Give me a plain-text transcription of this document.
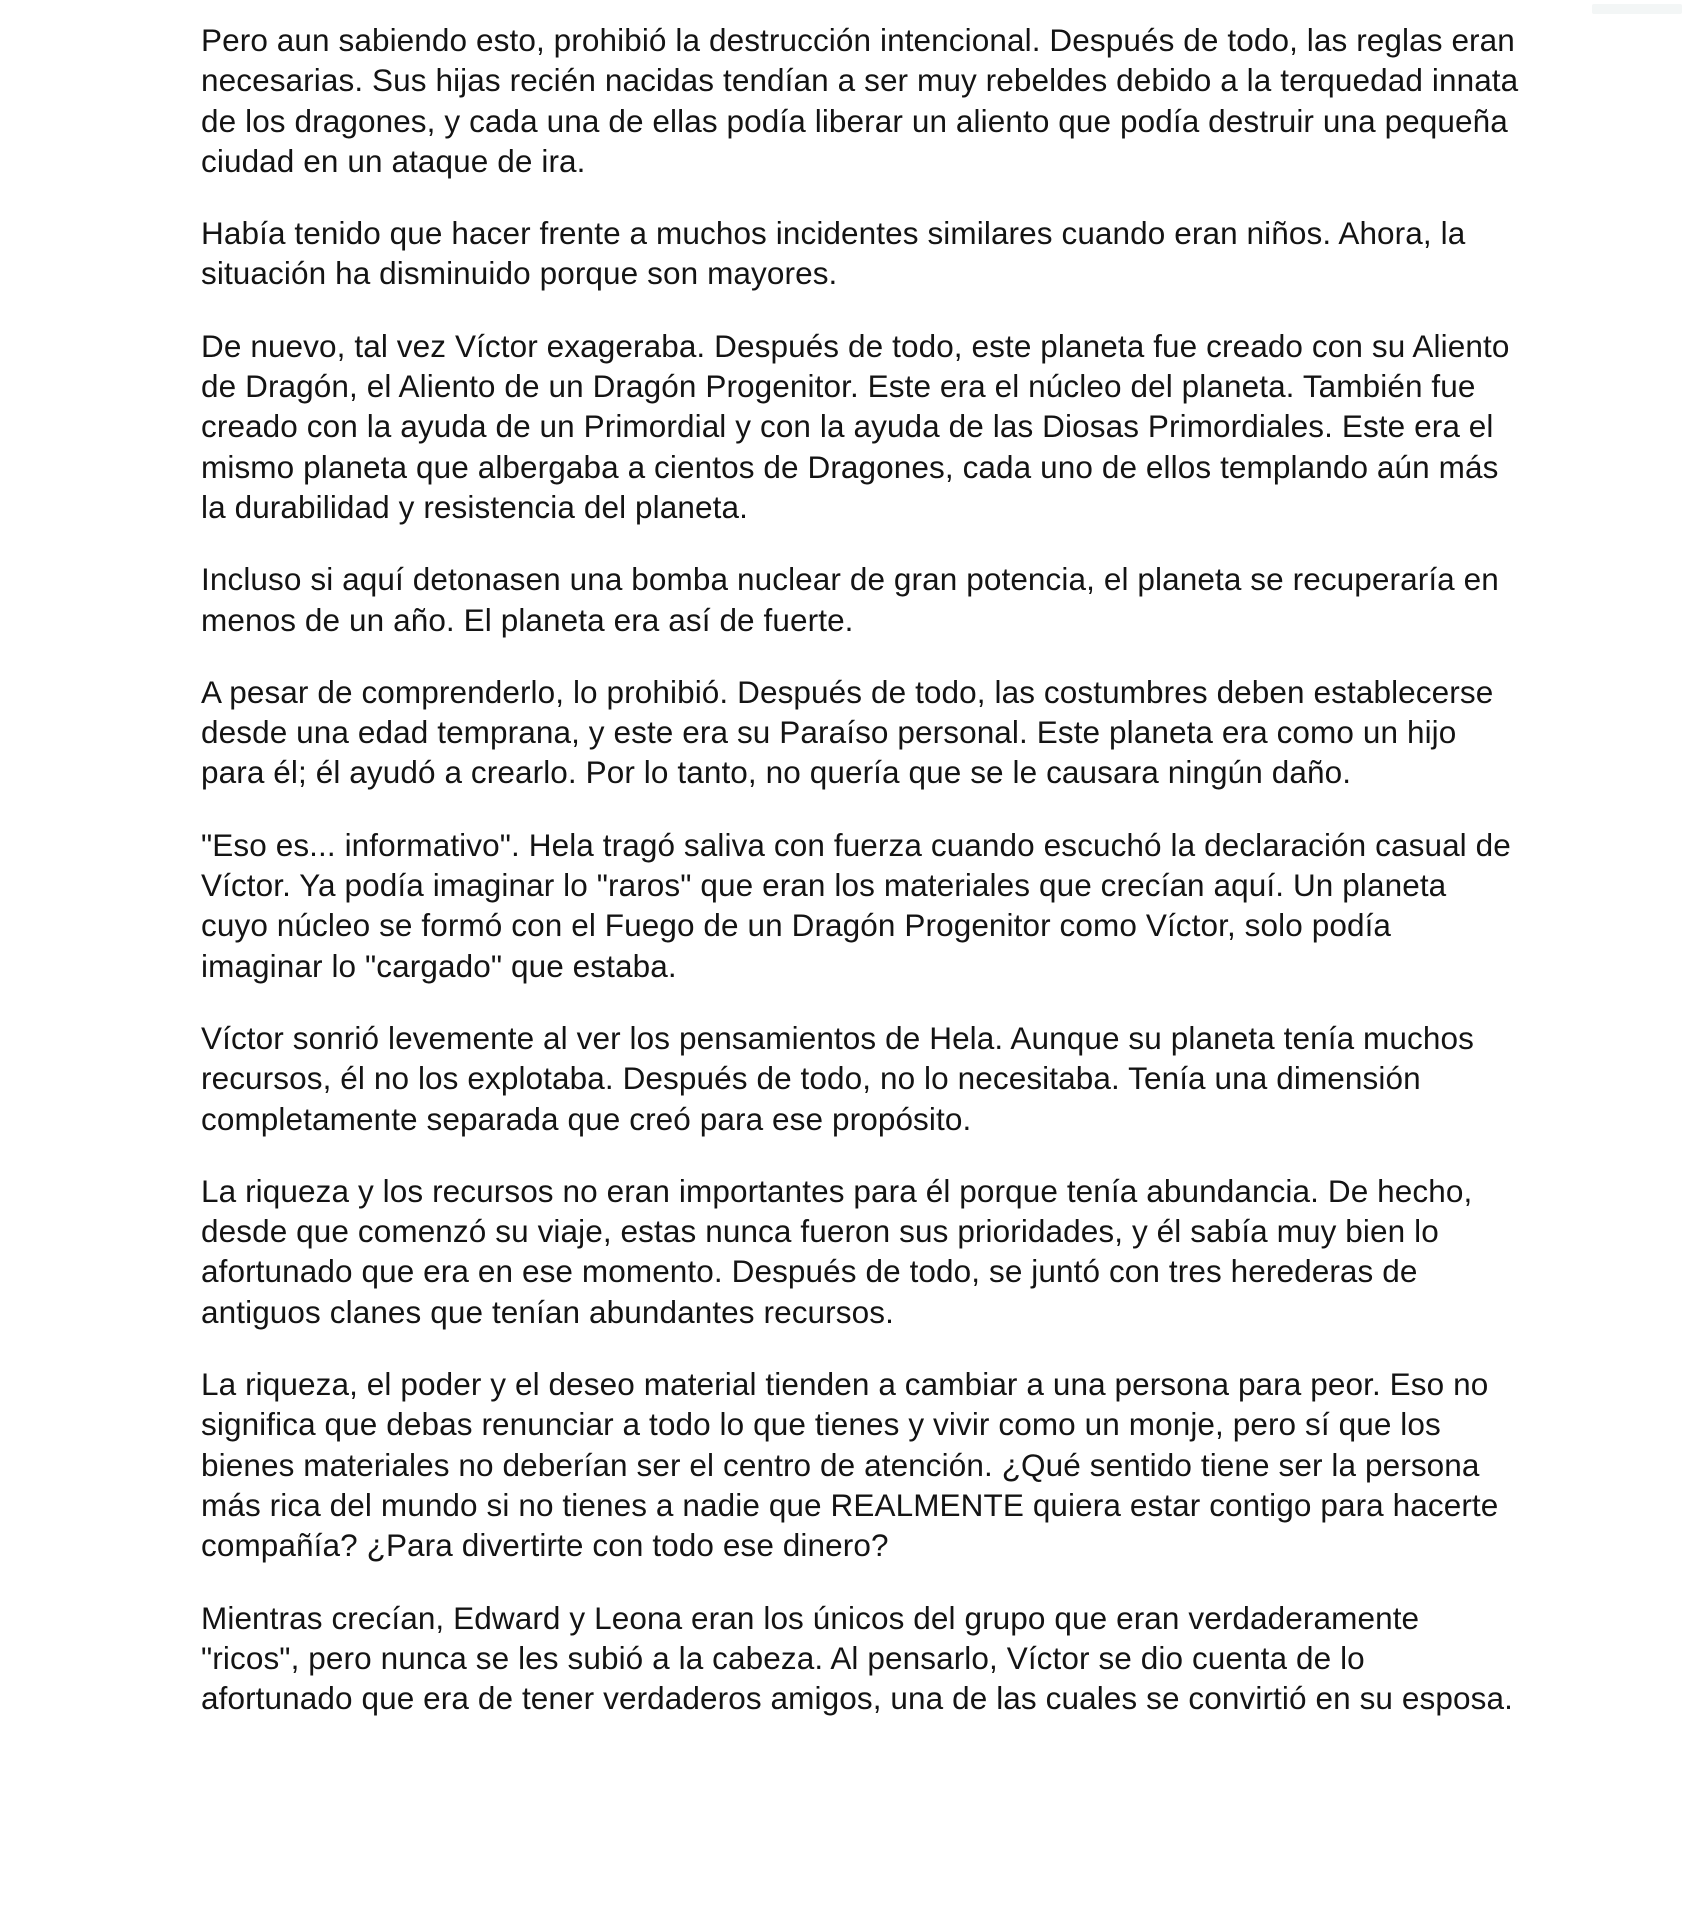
Pero aun sabiendo esto, prohibió la destrucción intencional. Después de todo, las reglas eran necesarias. Sus hijas recién nacidas tendían a ser muy rebeldes debido a la terquedad innata de los dragones, y cada una de ellas podía liberar un aliento que podía destruir una pequeña ciudad en un ataque de ira.

Había tenido que hacer frente a muchos incidentes similares cuando eran niños. Ahora, la situación ha disminuido porque son mayores.

De nuevo, tal vez Víctor exageraba. Después de todo, este planeta fue creado con su Aliento de Dragón, el Aliento de un Dragón Progenitor. Este era el núcleo del planeta. También fue creado con la ayuda de un Primordial y con la ayuda de las Diosas Primordiales. Este era el mismo planeta que albergaba a cientos de Dragones, cada uno de ellos templando aún más la durabilidad y resistencia del planeta.

Incluso si aquí detonasen una bomba nuclear de gran potencia, el planeta se recuperaría en menos de un año. El planeta era así de fuerte.

A pesar de comprenderlo, lo prohibió. Después de todo, las costumbres deben establecerse desde una edad temprana, y este era su Paraíso personal. Este planeta era como un hijo para él; él ayudó a crearlo. Por lo tanto, no quería que se le causara ningún daño.

"Eso es... informativo". Hela tragó saliva con fuerza cuando escuchó la declaración casual de Víctor. Ya podía imaginar lo "raros" que eran los materiales que crecían aquí. Un planeta cuyo núcleo se formó con el Fuego de un Dragón Progenitor como Víctor, solo podía imaginar lo "cargado" que estaba.

Víctor sonrió levemente al ver los pensamientos de Hela. Aunque su planeta tenía muchos recursos, él no los explotaba. Después de todo, no lo necesitaba. Tenía una dimensión completamente separada que creó para ese propósito.

La riqueza y los recursos no eran importantes para él porque tenía abundancia. De hecho, desde que comenzó su viaje, estas nunca fueron sus prioridades, y él sabía muy bien lo afortunado que era en ese momento. Después de todo, se juntó con tres herederas de antiguos clanes que tenían abundantes recursos.

La riqueza, el poder y el deseo material tienden a cambiar a una persona para peor. Eso no significa que debas renunciar a todo lo que tienes y vivir como un monje, pero sí que los bienes materiales no deberían ser el centro de atención. ¿Qué sentido tiene ser la persona más rica del mundo si no tienes a nadie que REALMENTE quiera estar contigo para hacerte compañía? ¿Para divertirte con todo ese dinero?

Mientras crecían, Edward y Leona eran los únicos del grupo que eran verdaderamente "ricos", pero nunca se les subió a la cabeza. Al pensarlo, Víctor se dio cuenta de lo afortunado que era de tener verdaderos amigos, una de las cuales se convirtió en su esposa.
